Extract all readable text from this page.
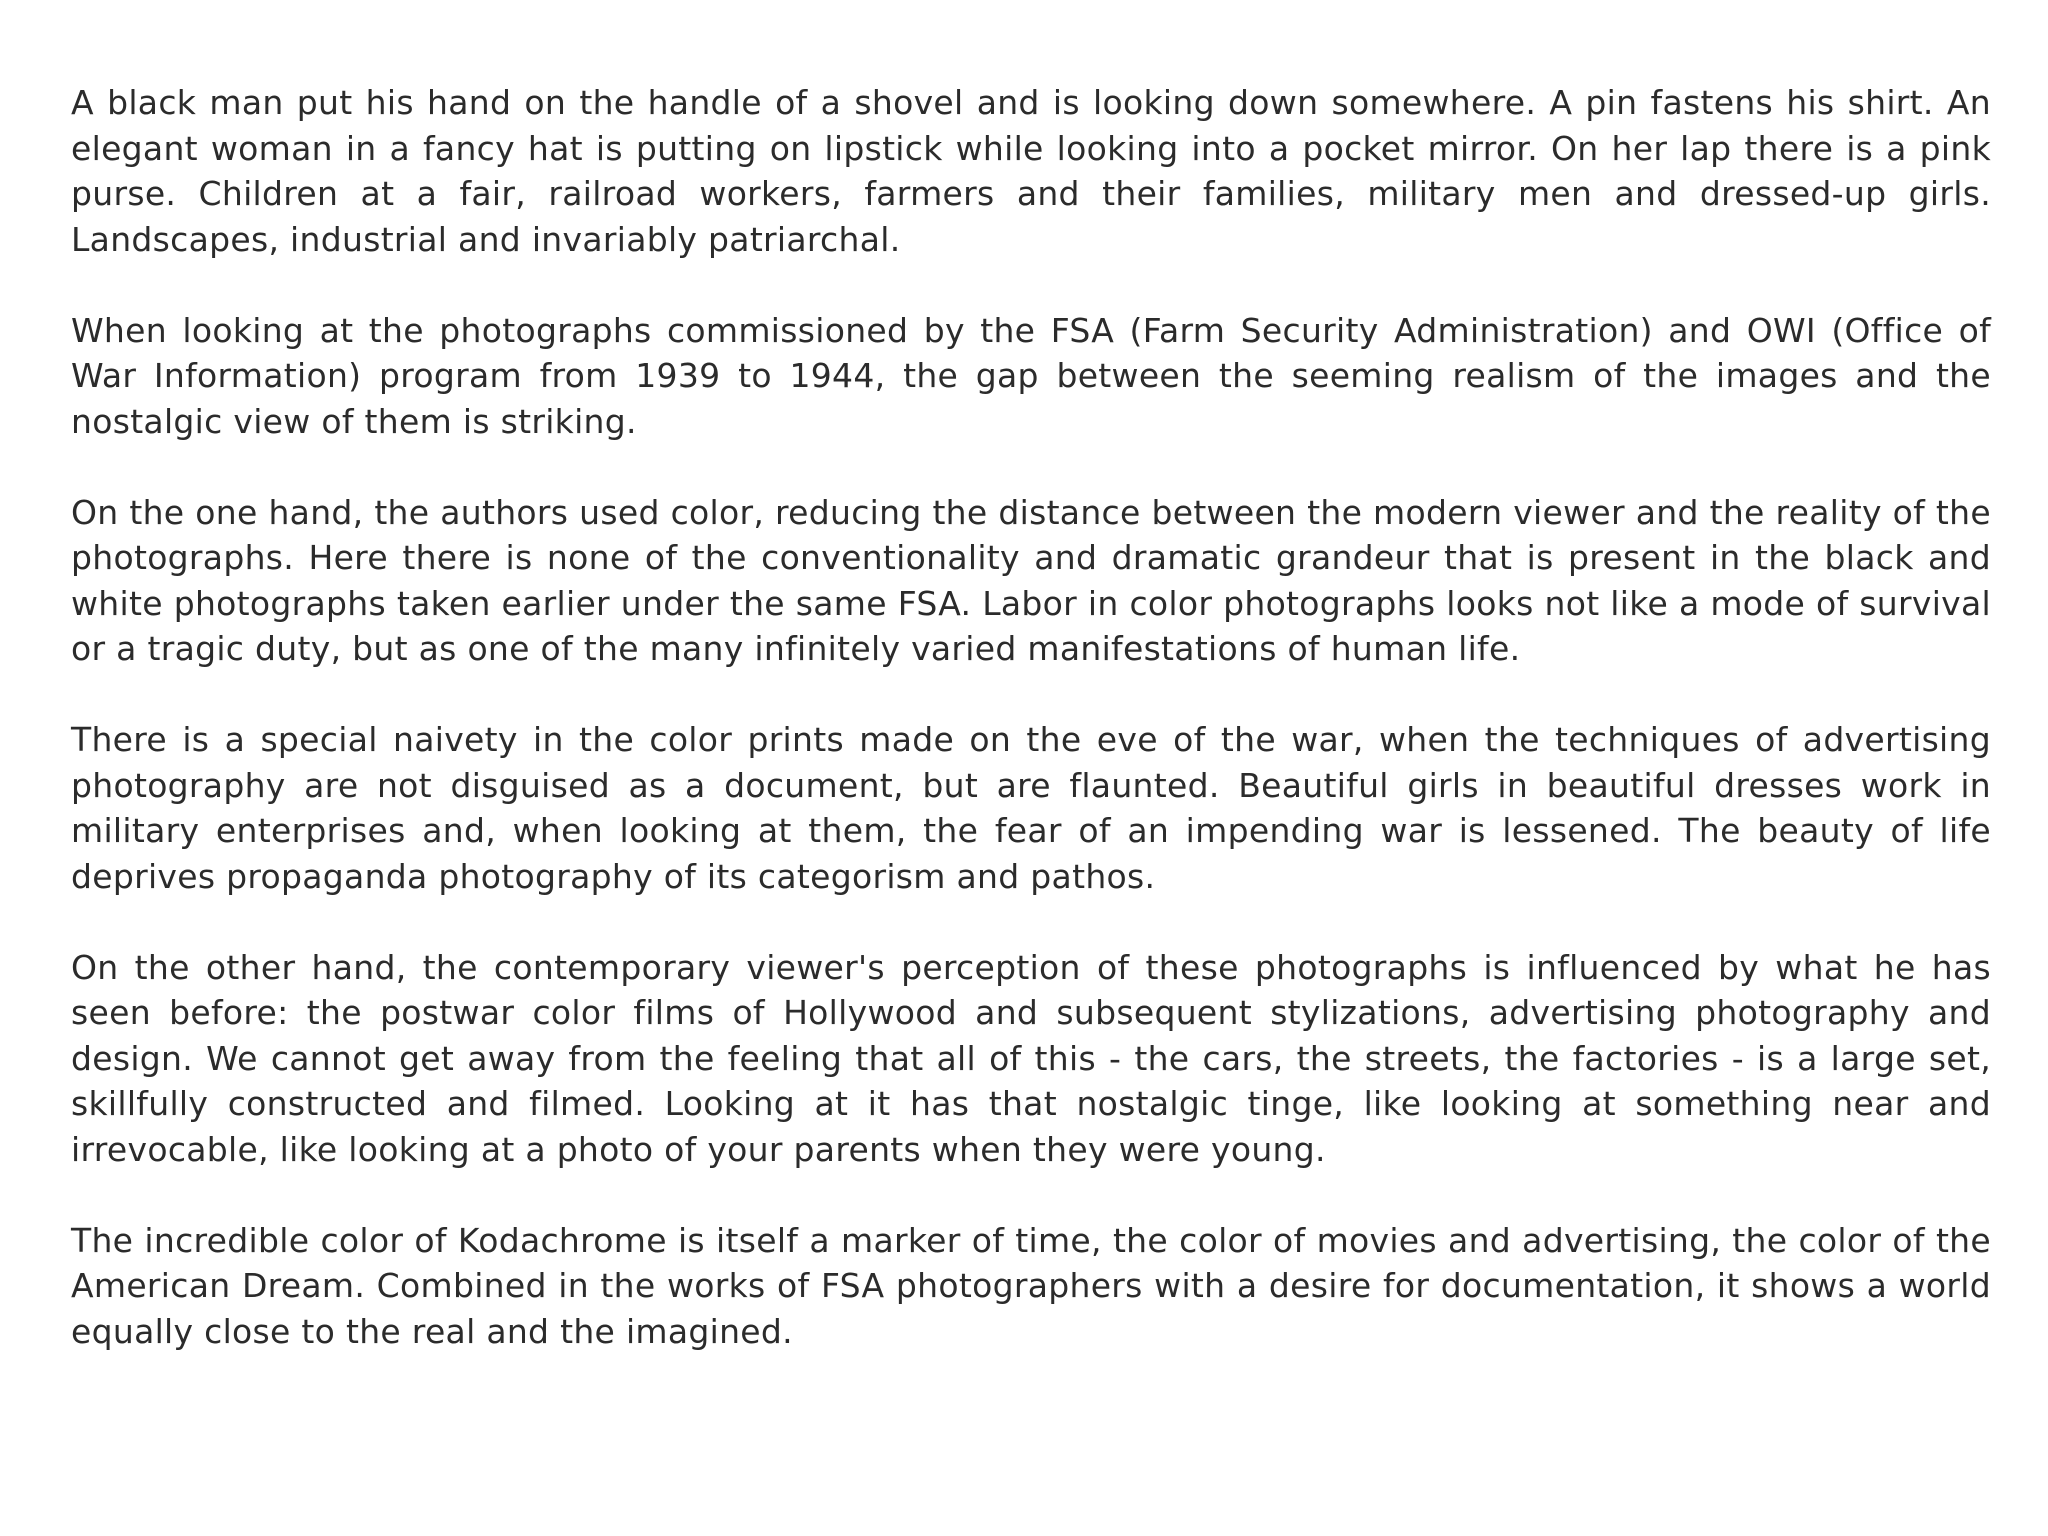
A black man put his hand on the handle of a shovel and is looking down somewhere. A pin fastens his shirt. An elegant woman in a fancy hat is putting on lipstick while looking into a pocket mirror. On her lap there is a pink purse. Children at a fair, railroad workers, farmers and their families, military men and dressed-up girls. Landscapes, industrial and invariably patriarchal.

When looking at the photographs commissioned by the FSA (Farm Security Administration) and OWI (Office of War Information) program from 1939 to 1944, the gap between the seeming realism of the images and the nostalgic view of them is striking.

On the one hand, the authors used color, reducing the distance between the modern viewer and the reality of the photographs. Here there is none of the conventionality and dramatic grandeur that is present in the black and white photographs taken earlier under the same FSA. Labor in color photographs looks not like a mode of survival or a tragic duty, but as one of the many infinitely varied manifestations of human life.

There is a special naivety in the color prints made on the eve of the war, when the techniques of advertising photography are not disguised as a document, but are flaunted. Beautiful girls in beautiful dresses work in military enterprises and, when looking at them, the fear of an impending war is lessened. The beauty of life deprives propaganda photography of its categorism and pathos.

On the other hand, the contemporary viewer's perception of these photographs is influenced by what he has seen before: the postwar color films of Hollywood and subsequent stylizations, advertising photography and design. We cannot get away from the feeling that all of this - the cars, the streets, the factories - is a large set, skillfully constructed and filmed. Looking at it has that nostalgic tinge, like looking at something near and irrevocable, like looking at a photo of your parents when they were young.

The incredible color of Kodachrome is itself a marker of time, the color of movies and advertising, the color of the American Dream. Combined in the works of FSA photographers with a desire for documentation, it shows a world equally close to the real and the imagined.
